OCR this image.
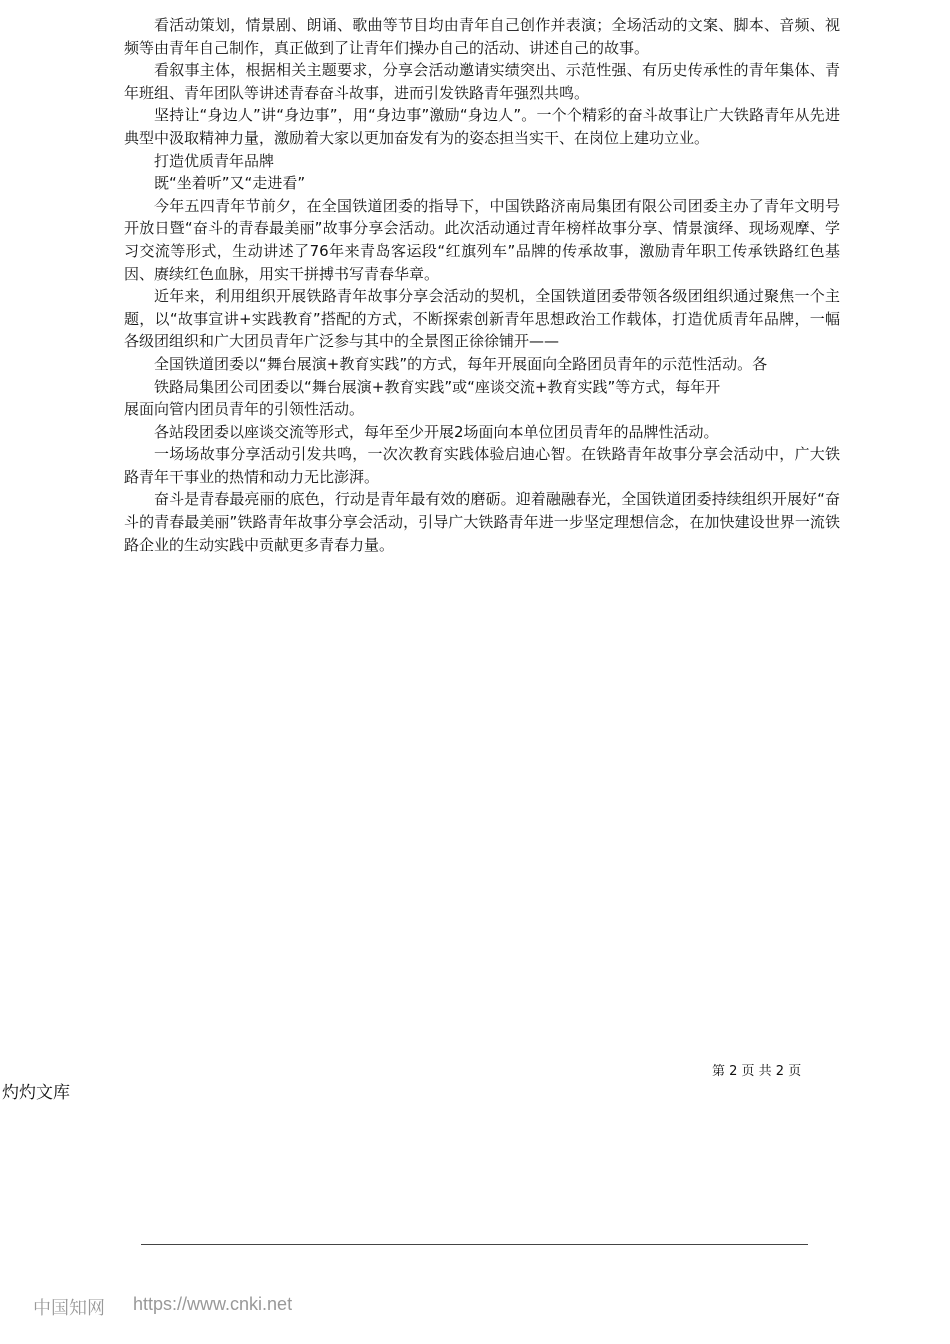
看活动策划，情景剧、朗诵、歌曲等节目均由青年自己创作并表演；全场活动的文案、脚本、音频、视频等由青年自己制作，真正做到了让青年们操办自己的活动、讲述自己的故事。

看叙事主体，根据相关主题要求，分享会活动邀请实绩突出、示范性强、有历史传承性的青年集体、青年班组、青年团队等讲述青春奋斗故事，进而引发铁路青年强烈共鸣。

坚持让“身边人”讲“身边事”，用“身边事”激励“身边人”。一个个精彩的奋斗故事让广大铁路青年从先进典型中汲取精神力量，激励着大家以更加奋发有为的姿态担当实干、在岗位上建功立业。

打造优质青年品牌

既“坐着听”又“走进看”

今年五四青年节前夕，在全国铁道团委的指导下，中国铁路济南局集团有限公司团委主办了青年文明号开放日暨“奋斗的青春最美丽”故事分享会活动。此次活动通过青年榜样故事分享、情景演绎、现场观摩、学习交流等形式，生动讲述了76年来青岛客运段“红旗列车”品牌的传承故事，激励青年职工传承铁路红色基因、赓续红色血脉，用实干拼搏书写青春华章。

近年来，利用组织开展铁路青年故事分享会活动的契机，全国铁道团委带领各级团组织通过聚焦一个主题，以“故事宣讲+实践教育”搭配的方式，不断探索创新青年思想政治工作载体，打造优质青年品牌，一幅各级团组织和广大团员青年广泛参与其中的全景图正徐徐铺开——

全国铁道团委以“舞台展演+教育实践”的方式，每年开展面向全路团员青年的示范性活动。各

铁路局集团公司团委以“舞台展演+教育实践”或“座谈交流+教育实践”等方式，每年开

展面向管内团员青年的引领性活动。

各站段团委以座谈交流等形式，每年至少开展2场面向本单位团员青年的品牌性活动。

一场场故事分享活动引发共鸣，一次次教育实践体验启迪心智。在铁路青年故事分享会活动中，广大铁路青年干事业的热情和动力无比澎湃。

奋斗是青春最亮丽的底色，行动是青年最有效的磨砺。迎着融融春光，全国铁道团委持续组织开展好“奋斗的青春最美丽”铁路青年故事分享会活动，引导广大铁路青年进一步坚定理想信念，在加快建设世界一流铁路企业的生动实践中贡献更多青春力量。

第 2 页 共 2 页
灼灼文库
中国知网 https://www.cnki.net
